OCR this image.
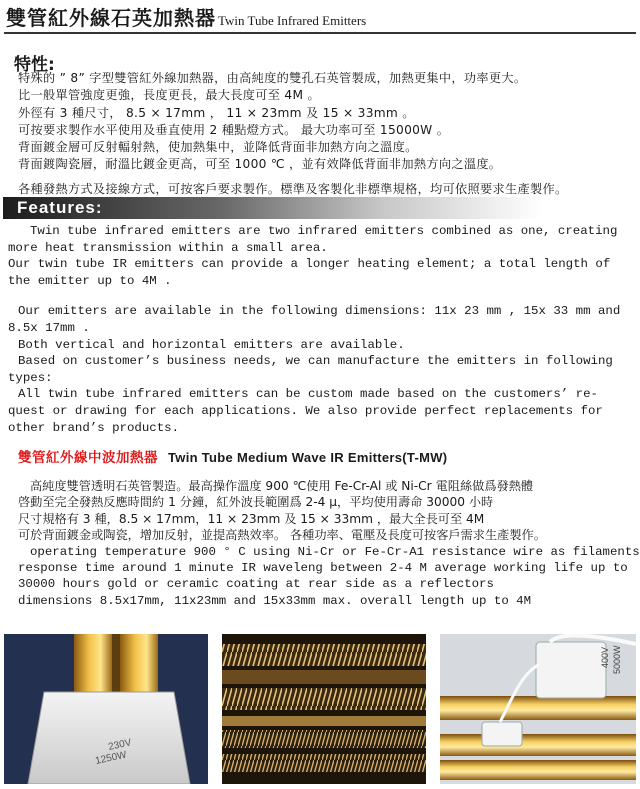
雙管紅外線石英加熱器 Twin Tube Infrared Emitters
特性:

特殊的 ” 8” 字型雙管紅外線加熱器，由高純度的雙孔石英管製成，加熱更集中，功率更大。

比一般單管強度更強，長度更長，最大長度可至 4M 。

外徑有 3 種尺寸， 8.5 × 17mm ， 11 × 23mm 及 15 × 33mm 。

可按要求製作水平使用及垂直使用 2 種點燈方式。 最大功率可至 15000W 。

背面鍍金層可反射輻射熱，使加熱集中，並降低背面非加熱方向之溫度。

背面鍍陶瓷層，耐溫比鍍金更高，可至 1000 ℃ ，並有效降低背面非加熱方向之溫度。

各種發熱方式及接線方式，可按客戶要求製作。標準及客製化非標準規格，均可依照要求生產製作。

Features:

Twin tube infrared emitters are two infrared emitters combined as one, creating more heat transmission within a small area.

Our twin tube IR emitters can provide a longer heating element; a total length of the emitter up to 4M .

Our emitters are available in the following dimensions: 11x 23 mm , 15x 33 mm and 8.5x 17mm .

Both vertical and horizontal emitters are available.

Based on customer’s business needs, we can manufacture the emitters in following types:

All twin tube infrared emitters can be custom made based on the customers’ re- quest or drawing for each applications. We also provide perfect replacements for other brand’s products.

雙管紅外線中波加熱器 Twin Tube Medium Wave IR Emitters(T-MW)

高純度雙管透明石英管製造。最高操作溫度 900 ℃使用 Fe-Cr-Al 或 Ni-Cr 電阻絲做爲發熱體

啓動至完全發熱反應時間約 1 分鐘，紅外波長範圍爲 2-4 μ，平均使用壽命 30000 小時

尺寸規格有 3 種，8.5 × 17mm，11 × 23mm 及 15 × 33mm ，最大全長可至 4M

可於背面鍍金或陶瓷，增加反射，並提高熱效率。 各種功率、電壓及長度可按客戶需求生產製作。

operating temperature 900 ° C using Ni-Cr or Fe-Cr-A1 resistance wire as filaments

response time around 1 minute IR waveleng between 2-4 M average working life up to

30000 hours gold or ceramic coating at rear side as a reflectors

dimensions 8.5x17mm, 11x23mm and 15x33mm max. overall length up to 4M

230V
1250W
400V 5000W
